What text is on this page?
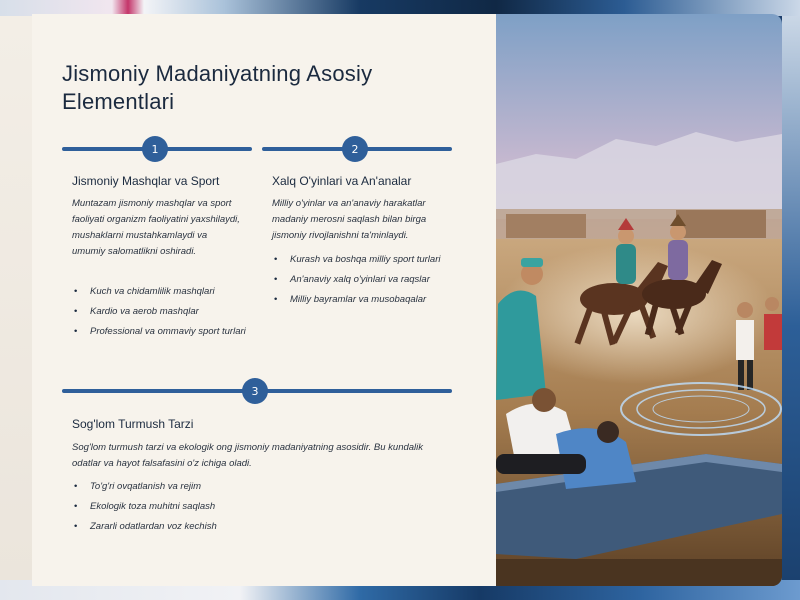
Jismoniy Madaniyatning Asosiy Elementlari
1
Jismoniy Mashqlar va Sport

Muntazam jismoniy mashqlar va sport faoliyati organizm faoliyatini yaxshilaydi, mushaklarni mustahkamlaydi va umumiy salomatlikni oshiradi.

• Kuch va chidamlilik mashqlari
• Kardio va aerob mashqlar
• Professional va ommaviy sport turlari
2
Xalq O'yinlari va An'analar

Milliy o'yinlar va an'anaviy harakatlar madaniy merosni saqlash bilan birga jismoniy rivojlanishni ta'minlaydi.

• Kurash va boshqa milliy sport turlari
• An'anaviy xalq o'yinlari va raqslar
• Milliy bayramlar va musobaqalar
3
Sog'lom Turmush Tarzi

Sog'lom turmush tarzi va ekologik ong jismoniy madaniyatning asosidir. Bu kundalik odatlar va hayot falsafasini o'z ichiga oladi.

• To'g'ri ovqatlanish va rejim
• Ekologik toza muhitni saqlash
• Zararli odatlardan voz kechish
